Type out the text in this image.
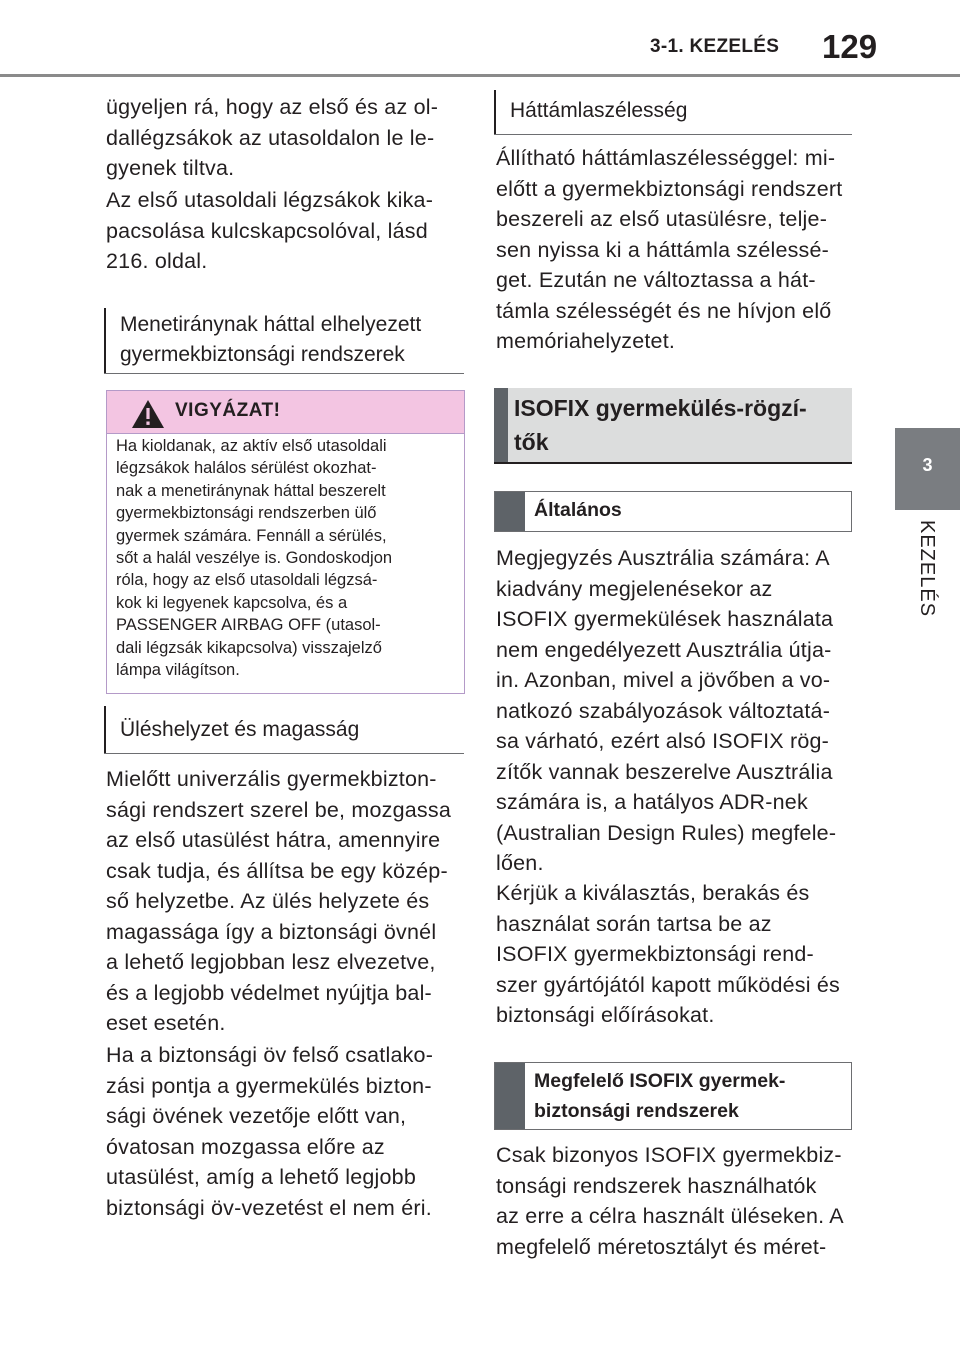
3-1. KEZELÉS 129
3
KEZELÉS
ügyeljen rá, hogy az első és az ol-
dallégzsákok az utasoldalon le le-
gyenek tiltva.
Az első utasoldali légzsákok kika-
pacsolása kulcskapcsolóval, lásd
216. oldal.
Menetiránynak háttal elhelyezett
gyermekbiztonsági rendszerek
VIGYÁZAT!
Ha kioldanak, az aktív első utasoldali
légzsákok halálos sérülést okozhat-
nak a menetiránynak háttal beszerelt
gyermekbiztonsági rendszerben ülő
gyermek számára. Fennáll a sérülés,
sőt a halál veszélye is. Gondoskodjon
róla, hogy az első utasoldali légzsá-
kok ki legyenek kapcsolva, és a
PASSENGER AIRBAG OFF (utasol-
dali légzsák kikapcsolva) visszajelző
lámpa világítson.
Üléshelyzet és magasság
Mielőtt univerzális gyermekbizton-
sági rendszert szerel be, mozgassa
az első utasülést hátra, amennyire
csak tudja, és állítsa be egy közép-
ső helyzetbe. Az ülés helyzete és
magassága így a biztonsági övnél
a lehető legjobban lesz elvezetve,
és a legjobb védelmet nyújtja bal-
eset esetén.
Ha a biztonsági öv felső csatlako-
zási pontja a gyermekülés bizton-
sági övének vezetője előtt van,
óvatosan mozgassa előre az
utasülést, amíg a lehető legjobb
biztonsági öv-vezetést el nem éri.
Háttámlaszélesség
Állítható háttámlaszélességgel: mi-
előtt a gyermekbiztonsági rendszert
beszereli az első utasülésre, telje-
sen nyissa ki a háttámla szélessé-
get. Ezután ne változtassa a hát-
támla szélességét és ne hívjon elő
memóriahelyzetet.
ISOFIX gyermekülés-rögzí-
tők
Általános
Megjegyzés Ausztrália számára: A
kiadvány megjelenésekor az
ISOFIX gyermekülések használata
nem engedélyezett Ausztrália útja-
in. Azonban, mivel a jövőben a vo-
natkozó szabályozások változtatá-
sa várható, ezért alsó ISOFIX rög-
zítők vannak beszerelve Ausztrália
számára is, a hatályos ADR-nek
(Australian Design Rules) megfele-
lően.
Kérjük a kiválasztás, berakás és
használat során tartsa be az
ISOFIX gyermekbiztonsági rend-
szer gyártójától kapott működési és
biztonsági előírásokat.
Megfelelő ISOFIX gyermek-
biztonsági rendszerek
Csak bizonyos ISOFIX gyermekbiz-
tonsági rendszerek használhatók
az erre a célra használt üléseken. A
megfelelő méretosztályt és méret-
